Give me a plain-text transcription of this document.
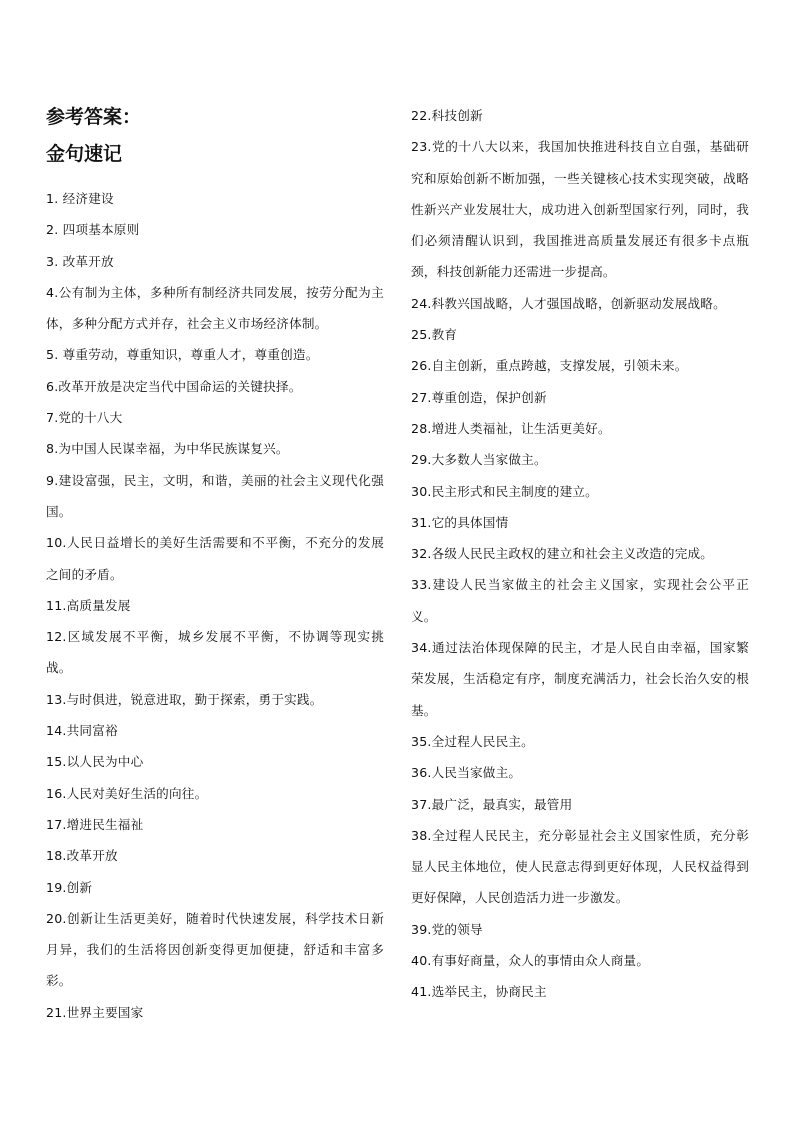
参考答案：
金句速记
1. 经济建设
2. 四项基本原则
3. 改革开放
4.公有制为主体，多种所有制经济共同发展，按劳分配为主体，多种分配方式并存，社会主义市场经济体制。
5. 尊重劳动，尊重知识，尊重人才，尊重创造。
6.改革开放是决定当代中国命运的关键抉择。
7.党的十八大
8.为中国人民谋幸福，为中华民族谋复兴。
9.建设富强，民主，文明，和谐，美丽的社会主义现代化强国。
10.人民日益增长的美好生活需要和不平衡，不充分的发展之间的矛盾。
11.高质量发展
12.区域发展不平衡，城乡发展不平衡，不协调等现实挑战。
13.与时俱进，锐意进取，勤于探索，勇于实践。
14.共同富裕
15.以人民为中心
16.人民对美好生活的向往。
17.增进民生福祉
18.改革开放
19.创新
20.创新让生活更美好，随着时代快速发展，科学技术日新月异，我们的生活将因创新变得更加便捷，舒适和丰富多彩。
21.世界主要国家
22.科技创新
23.党的十八大以来，我国加快推进科技自立自强，基础研究和原始创新不断加强，一些关键核心技术实现突破，战略性新兴产业发展壮大，成功进入创新型国家行列，同时，我们必须清醒认识到，我国推进高质量发展还有很多卡点瓶颈，科技创新能力还需进一步提高。
24.科教兴国战略，人才强国战略，创新驱动发展战略。
25.教育
26.自主创新，重点跨越，支撑发展，引领未来。
27.尊重创造，保护创新
28.增进人类福祉，让生活更美好。
29.大多数人当家做主。
30.民主形式和民主制度的建立。
31.它的具体国情
32.各级人民民主政权的建立和社会主义改造的完成。
33.建设人民当家做主的社会主义国家，实现社会公平正义。
34.通过法治体现保障的民主，才是人民自由幸福，国家繁荣发展，生活稳定有序，制度充满活力，社会长治久安的根基。
35.全过程人民民主。
36.人民当家做主。
37.最广泛，最真实，最管用
38.全过程人民民主，充分彰显社会主义国家性质，充分彰显人民主体地位，使人民意志得到更好体现，人民权益得到更好保障，人民创造活力进一步激发。
39.党的领导
40.有事好商量，众人的事情由众人商量。
41.选举民主，协商民主
